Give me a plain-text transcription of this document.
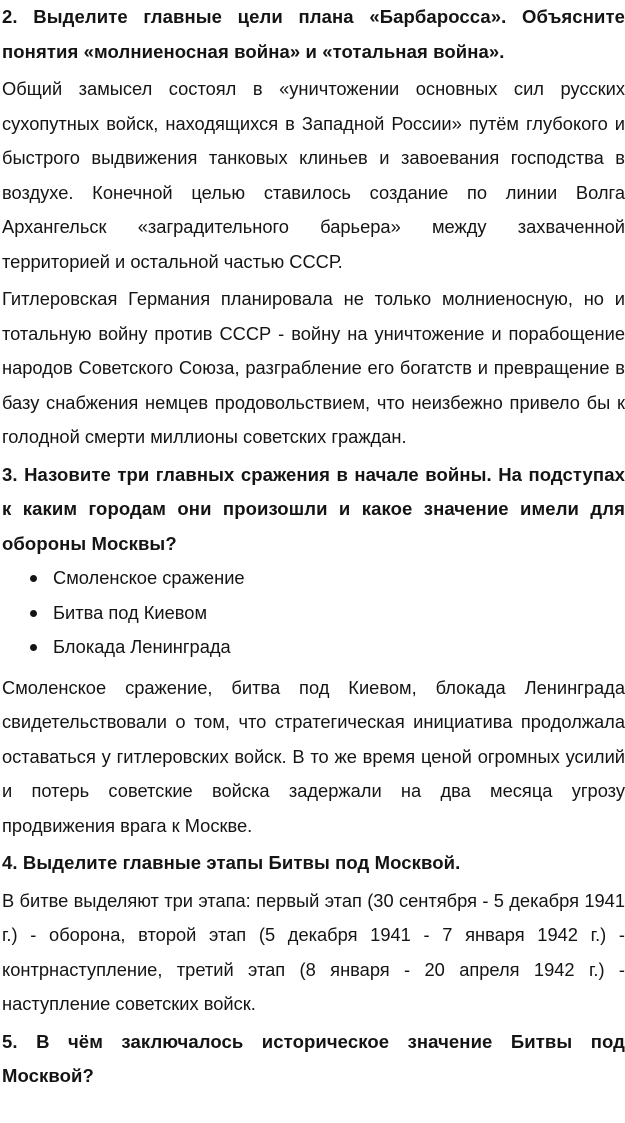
2. Выделите главные цели плана «Барбаросса». Объясните понятия «молниеносная война» и «тотальная война».

Общий замысел состоял в «уничтожении основных сил русских сухопутных войск, находящихся в Западной России» путём глубокого и быстрого выдвижения танковых клиньев и завоевания господства в воздухе. Конечной целью ставилось создание по линии Волга Архангельск «заградительного барьера» между захваченной территорией и остальной частью СССР.

Гитлеровская Германия планировала не только молниеносную, но и тотальную войну против СССР - войну на уничтожение и порабощение народов Советского Союза, разграбление его богатств и превращение в базу снабжения немцев продовольствием, что неизбежно привело бы к голодной смерти миллионы советских граждан.

3. Назовите три главных сражения в начале войны. На подступах к каким городам они произошли и какое значение имели для обороны Москвы?

Смоленское сражение
Битва под Киевом
Блокада Ленинграда

Смоленское сражение, битва под Киевом, блокада Ленинграда свидетельствовали о том, что стратегическая инициатива продолжала оставаться у гитлеровских войск. В то же время ценой огромных усилий и потерь советские войска задержали на два месяца угрозу продвижения врага к Москве.

4. Выделите главные этапы Битвы под Москвой.

В битве выделяют три этапа: первый этап (30 сентября - 5 декабря 1941 г.) - оборона, второй этап (5 декабря 1941 - 7 января 1942 г.) - контрнаступление, третий этап (8 января - 20 апреля 1942 г.) - наступление советских войск.

5. В чём заключалось историческое значение Битвы под Москвой?
